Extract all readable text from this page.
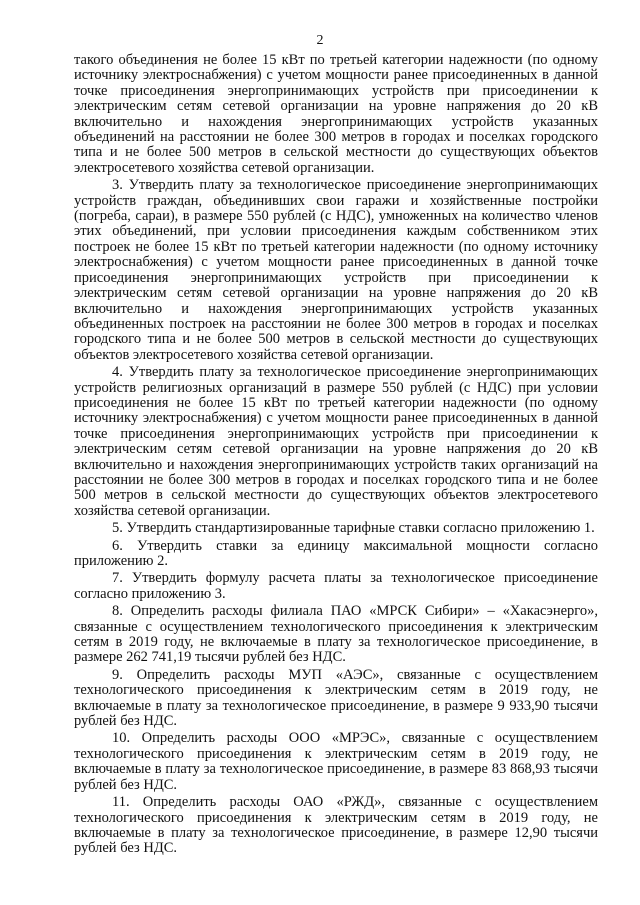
2

такого объединения не более 15 кВт по третьей категории надежности (по одному источнику электроснабжения) с учетом мощности ранее присоединенных в данной точке присоединения энергопринимающих устройств при присоединении к электрическим сетям сетевой организации на уровне напряжения до 20 кВ включительно и нахождения энергопринимающих устройств указанных объединений на расстоянии не более 300 метров в городах и поселках городского типа и не более 500 метров в сельской местности до существующих объектов электросетевого хозяйства сетевой организации.

3. Утвердить плату за технологическое присоединение энергопринимающих устройств граждан, объединивших свои гаражи и хозяйственные постройки (погреба, сараи), в размере 550 рублей (с НДС), умноженных на количество членов этих объединений, при условии присоединения каждым собственником этих построек не более 15 кВт по третьей категории надежности (по одному источнику электроснабжения) с учетом мощности ранее присоединенных в данной точке присоединения энергопринимающих устройств при присоединении к электрическим сетям сетевой организации на уровне напряжения до 20 кВ включительно и нахождения энергопринимающих устройств указанных объединенных построек на расстоянии не более 300 метров в городах и поселках городского типа и не более 500 метров в сельской местности до существующих объектов электросетевого хозяйства сетевой организации.

4. Утвердить плату за технологическое присоединение энергопринимающих устройств религиозных организаций в размере 550 рублей (с НДС) при условии присоединения не более 15 кВт по третьей категории надежности (по одному источнику электроснабжения) с учетом мощности ранее присоединенных в данной точке присоединения энергопринимающих устройств при присоединении к электрическим сетям сетевой организации на уровне напряжения до 20 кВ включительно и нахождения энергопринимающих устройств таких организаций на расстоянии не более 300 метров в городах и поселках городского типа и не более 500 метров в сельской местности до существующих объектов электросетевого хозяйства сетевой организации.

5. Утвердить стандартизированные тарифные ставки согласно приложению 1.

6. Утвердить ставки за единицу максимальной мощности согласно приложению 2.

7. Утвердить формулу расчета платы за технологическое присоединение согласно приложению 3.

8. Определить расходы филиала ПАО «МРСК Сибири» – «Хакасэнерго», связанные с осуществлением технологического присоединения к электрическим сетям в 2019 году, не включаемые в плату за технологическое присоединение, в размере 262 741,19 тысячи рублей без НДС.

9. Определить расходы МУП «АЭС», связанные с осуществлением технологического присоединения к электрическим сетям в 2019 году, не включаемые в плату за технологическое присоединение, в размере 9 933,90 тысячи рублей без НДС.

10. Определить расходы ООО «МРЭС», связанные с осуществлением технологического присоединения к электрическим сетям в 2019 году, не включаемые в плату за технологическое присоединение, в размере 83 868,93 тысячи рублей без НДС.

11. Определить расходы ОАО «РЖД», связанные с осуществлением технологического присоединения к электрическим сетям в 2019 году, не включаемые в плату за технологическое присоединение, в размере 12,90 тысячи рублей без НДС.
